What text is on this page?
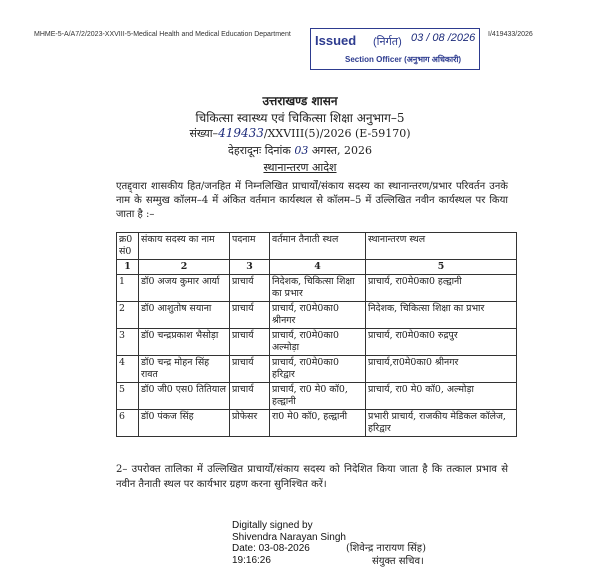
MHME-5-A/A7/2/2023-XXVIII-5-Medical Health and Medical Education Department	I/419433/2026
Issued (निर्गत) 03 / 08 /2026
Section Officer (अनुभाग अधिकारी)
उत्तराखण्ड शासन
चिकित्सा स्वास्थ्य एवं चिकित्सा शिक्षा अनुभाग–5
संख्या–419433/XXVIII(5)/2026 (E-59170)
देहरादूनः दिनांक 03 अगस्त, 2026
स्थानान्तरण आदेश
एतद्द्वारा शासकीय हित/जनहित में निम्नलिखित प्राचार्यों/संकाय सदस्य का स्थानान्तरण/प्रभार परिवर्तन उनके नाम के सम्मुख कॉलम–4 में अंकित वर्तमान कार्यस्थल से कॉलम–5 में उल्लिखित नवीन कार्यस्थल पर किया जाता है :–
क्र0 सं0	संकाय सदस्य का नाम	पदनाम	वर्तमान तैनाती स्थल	स्थानान्तरण स्थल
1	2	3	4	5
1	डॉ0 अजय कुमार आर्या	प्राचार्य	निदेशक, चिकित्सा शिक्षा का प्रभार	प्राचार्य, रा0मे0का0 हल्द्वानी
2	डॉ0 आशुतोष सयाना	प्राचार्य	प्राचार्य, रा0मे0का0 श्रीनगर	निदेशक, चिकित्सा शिक्षा का प्रभार
3	डॉ0 चन्द्रप्रकाश भैसोड़ा	प्राचार्य	प्राचार्य, रा0मे0का0 अल्मोड़ा	प्राचार्य, रा0मे0का0 रुद्रपुर
4	डॉ0 चन्द्र मोहन सिंह रावत	प्राचार्य	प्राचार्य, रा0मे0का0 हरिद्वार	प्राचार्य,रा0मे0का0 श्रीनगर
5	डॉ0 जी0 एस0 तितियाल	प्राचार्य	प्राचार्य, रा0 मे0 कॉ0, हल्द्वानी	प्राचार्य, रा0 मे0 कॉ0, अल्मोड़ा
6	डॉ0 पंकज सिंह	प्रोफेसर	रा0 मे0 कॉ0, हल्द्वानी	प्रभारी प्राचार्य, राजकीय मेडिकल कॉलेज, हरिद्वार
2– उपरोक्त तालिका में उल्लिखित प्राचार्यों/संकाय सदस्य को निदेशित किया जाता है कि तत्काल प्रभाव से नवीन तैनाती स्थल पर कार्यभार ग्रहण करना सुनिश्चित करें।
Digitally signed by
Shivendra Narayan Singh
Date: 03-08-2026
19:16:26
(शिवेन्द्र नारायण सिंह)
संयुक्त सचिव।
